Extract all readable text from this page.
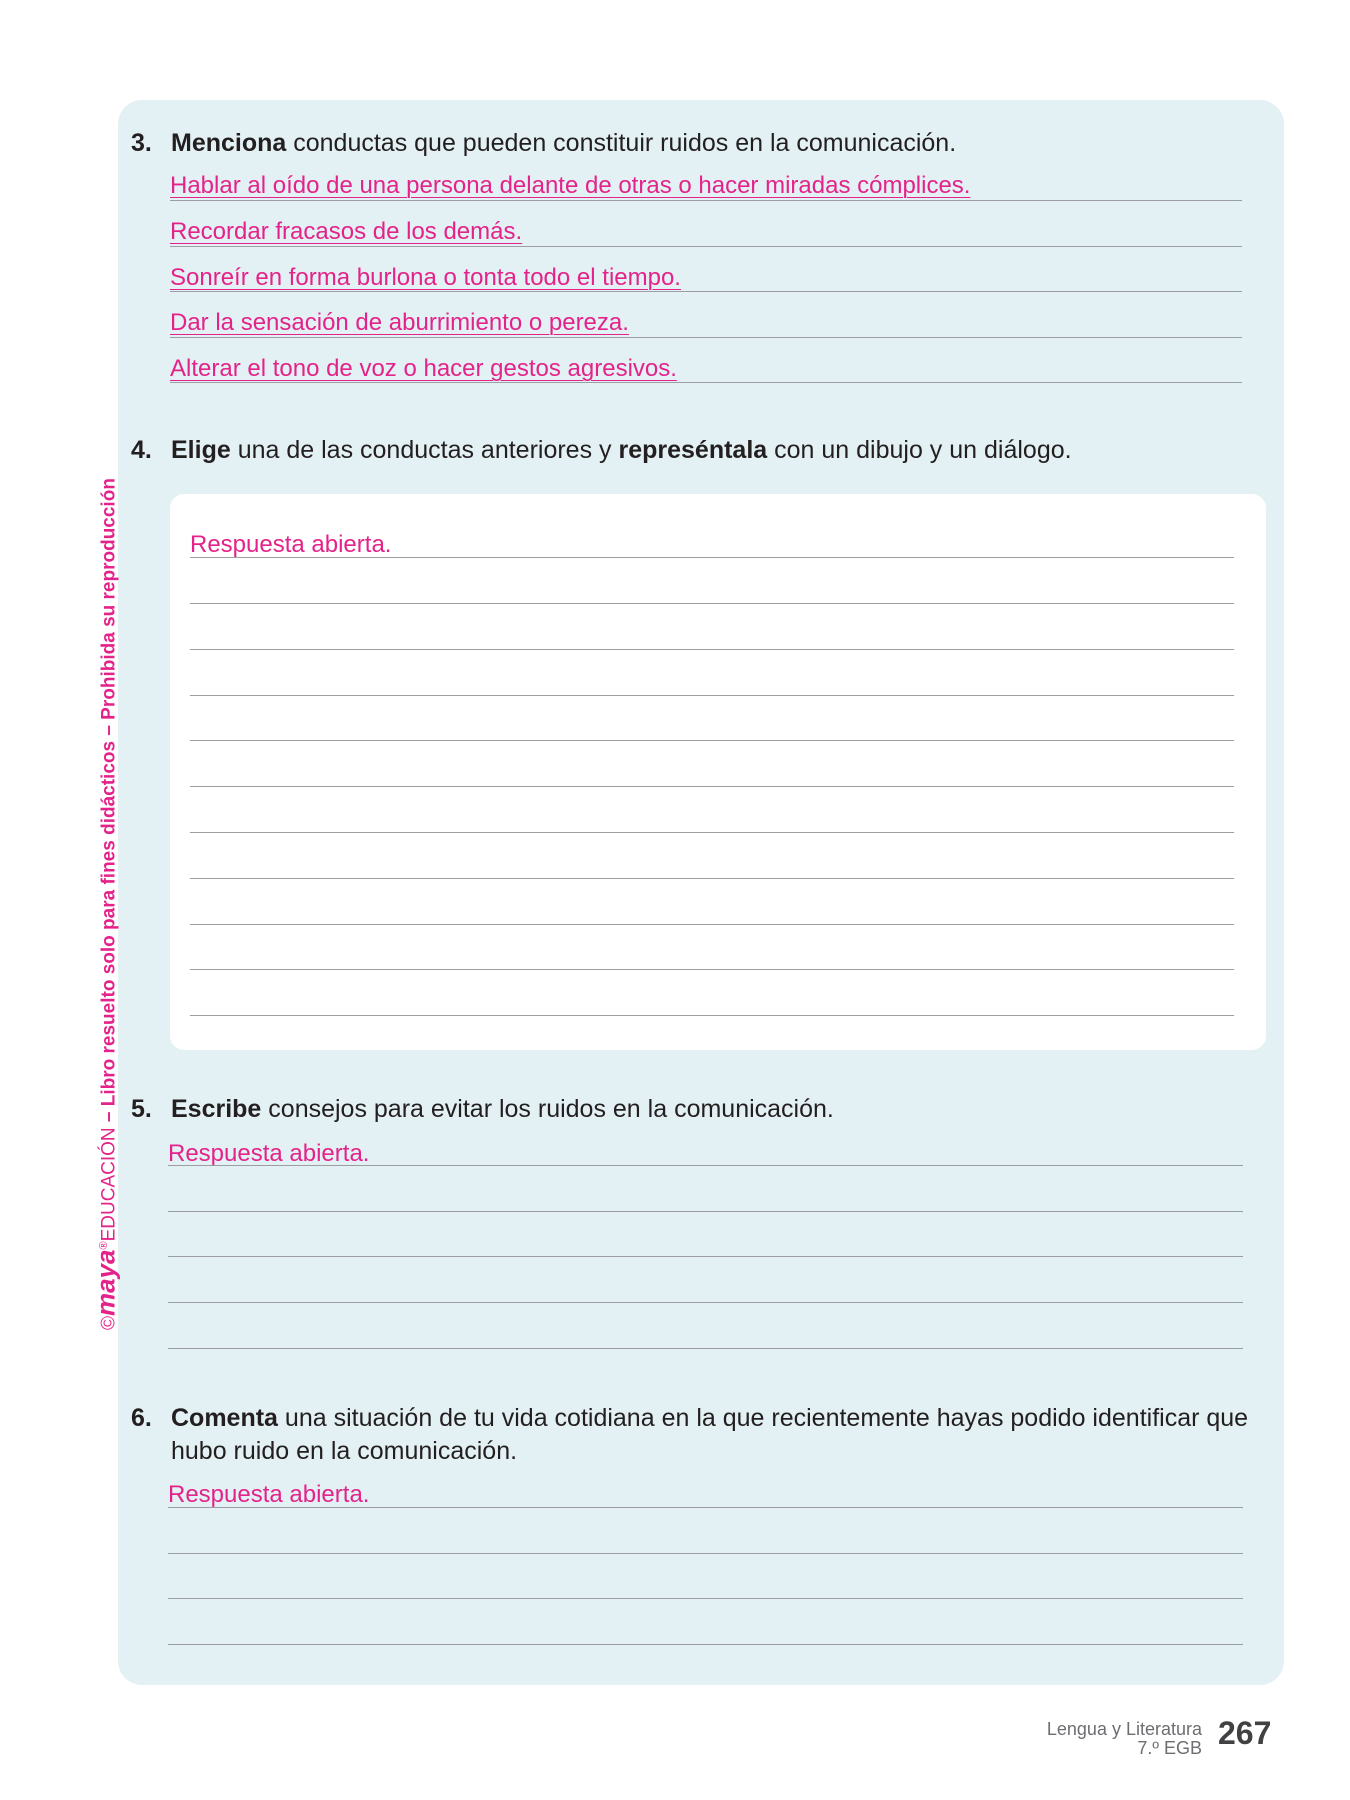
3. Menciona conductas que pueden constituir ruidos en la comunicación.
Hablar al oído de una persona delante de otras o hacer miradas cómplices.
Recordar fracasos de los demás.
Sonreír en forma burlona o tonta todo el tiempo.
Dar la sensación de aburrimiento o pereza.
Alterar el tono de voz o hacer gestos agresivos.
4. Elige una de las conductas anteriores y represéntala con un dibujo y un diálogo.
Respuesta abierta.
5. Escribe consejos para evitar los ruidos en la comunicación.
Respuesta abierta.
6. Comenta una situación de tu vida cotidiana en la que recientemente hayas podido identificar que
hubo ruido en la comunicación.
Respuesta abierta.
©maya®EDUCACIÓN – Libro resuelto solo para fines didácticos – Prohibida su reproducción
Lengua y Literatura
7.º EGB 267
